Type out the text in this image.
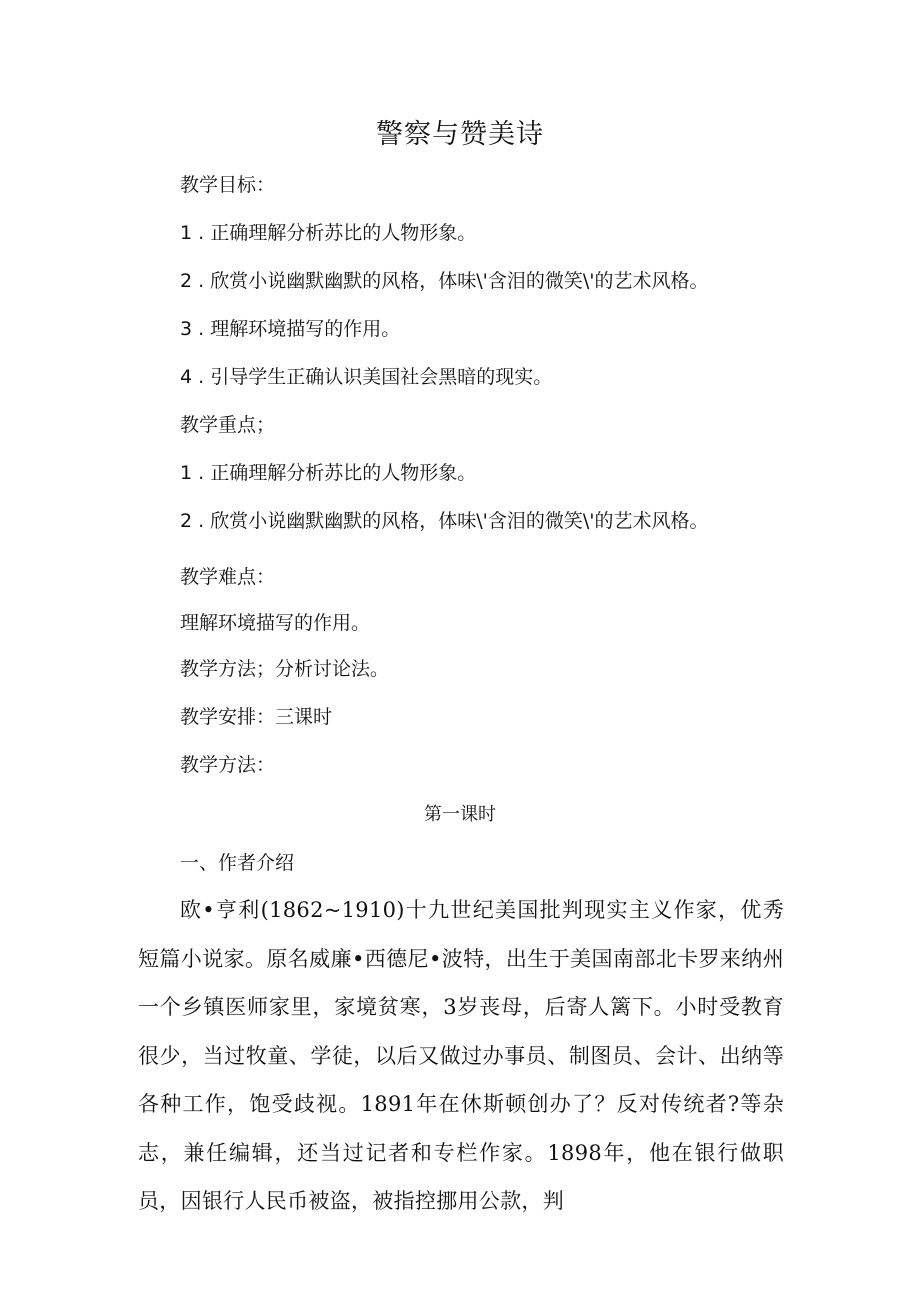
警察与赞美诗
教学目标：
1 . 正确理解分析苏比的人物形象。
2 . 欣赏小说幽默幽默的风格，体味\'含泪的微笑\'的艺术风格。
3 . 理解环境描写的作用。
4 . 引导学生正确认识美国社会黑暗的现实。
教学重点；
1 . 正确理解分析苏比的人物形象。
2 . 欣赏小说幽默幽默的风格，体味\'含泪的微笑\'的艺术风格。
教学难点：
理解环境描写的作用。
教学方法；分析讨论法。
教学安排：三课时
教学方法：
第一课时
一、作者介绍
欧•亨利(1862~1910)十九世纪美国批判现实主义作家，优秀短篇小说家。原名威廉•西德尼•波特，出生于美国南部北卡罗来纳州一个乡镇医师家里，家境贫寒，3岁丧母，后寄人篱下。小时受教育很少，当过牧童、学徒，以后又做过办事员、制图员、会计、出纳等各种工作，饱受歧视。1891年在休斯顿创办了？反对传统者?等杂志，兼任编辑，还当过记者和专栏作家。1898年，他在银行做职员，因银行人民币被盗，被指控挪用公款，判
